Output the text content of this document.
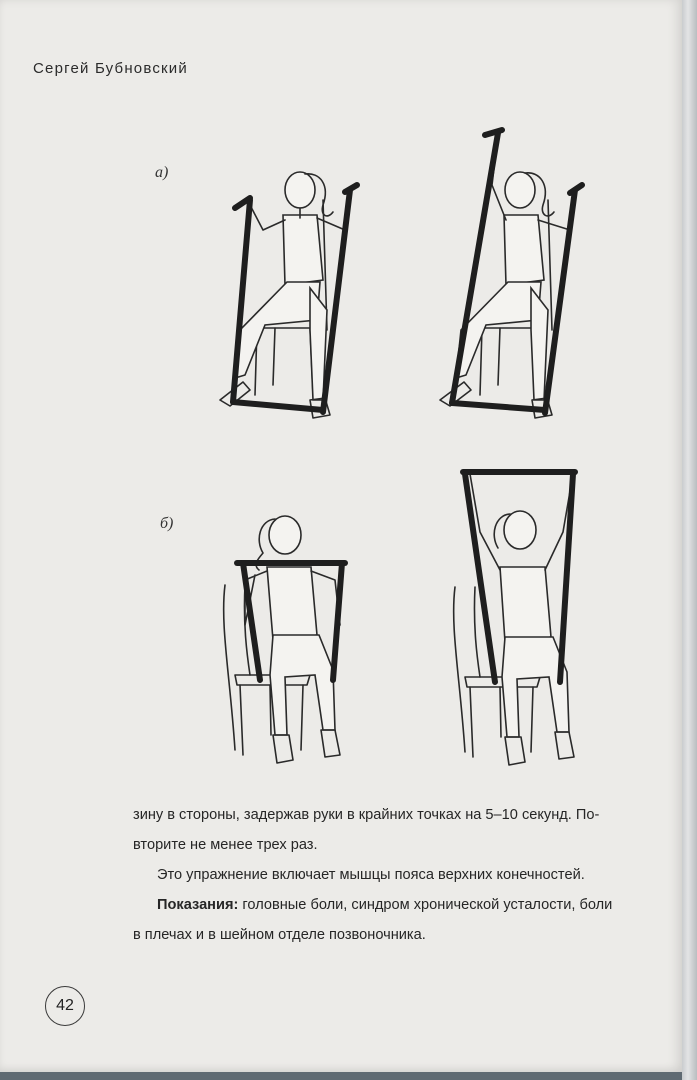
Сергей Бубновский
а)
б)

зину в стороны, задержав руки в крайних точках на 5–10 секунд. По-

вторите не менее трех раз.

Это упражнение включает мышцы пояса верхних конечностей.

Показания: головные боли, синдром хронической усталости, боли

в плечах и в шейном отделе позвоночника.

42
